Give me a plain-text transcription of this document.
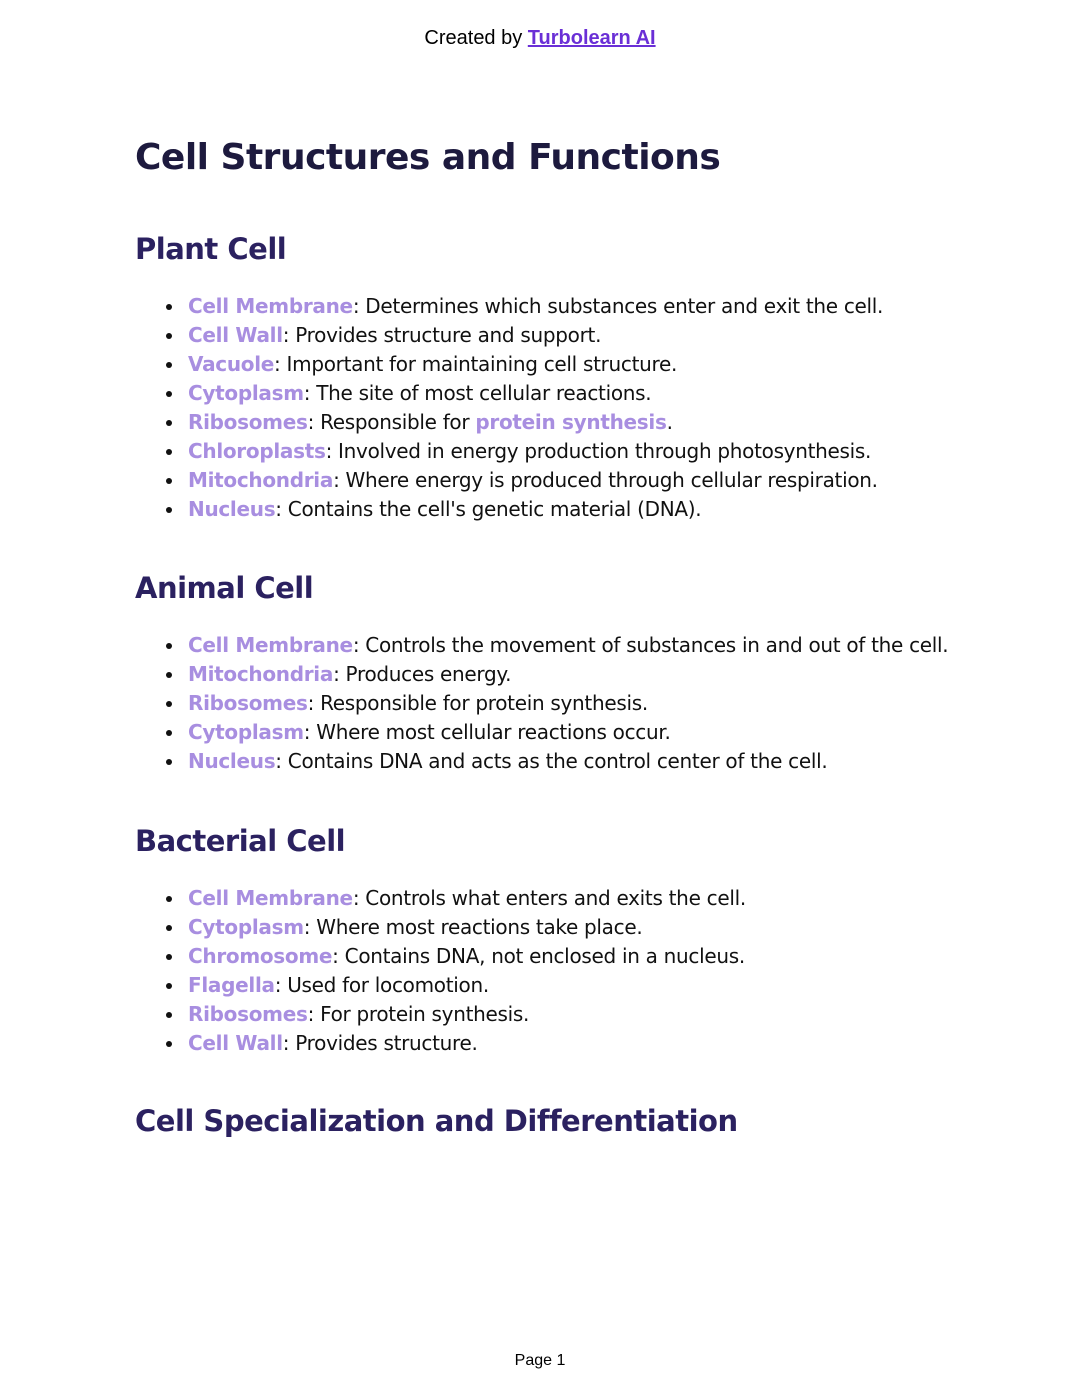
Created by Turbolearn AI
Cell Structures and Functions
Plant Cell
Cell Membrane: Determines which substances enter and exit the cell.
Cell Wall: Provides structure and support.
Vacuole: Important for maintaining cell structure.
Cytoplasm: The site of most cellular reactions.
Ribosomes: Responsible for protein synthesis.
Chloroplasts: Involved in energy production through photosynthesis.
Mitochondria: Where energy is produced through cellular respiration.
Nucleus: Contains the cell's genetic material (DNA).
Animal Cell
Cell Membrane: Controls the movement of substances in and out of the cell.
Mitochondria: Produces energy.
Ribosomes: Responsible for protein synthesis.
Cytoplasm: Where most cellular reactions occur.
Nucleus: Contains DNA and acts as the control center of the cell.
Bacterial Cell
Cell Membrane: Controls what enters and exits the cell.
Cytoplasm: Where most reactions take place.
Chromosome: Contains DNA, not enclosed in a nucleus.
Flagella: Used for locomotion.
Ribosomes: For protein synthesis.
Cell Wall: Provides structure.
Cell Specialization and Differentiation
Page 1
